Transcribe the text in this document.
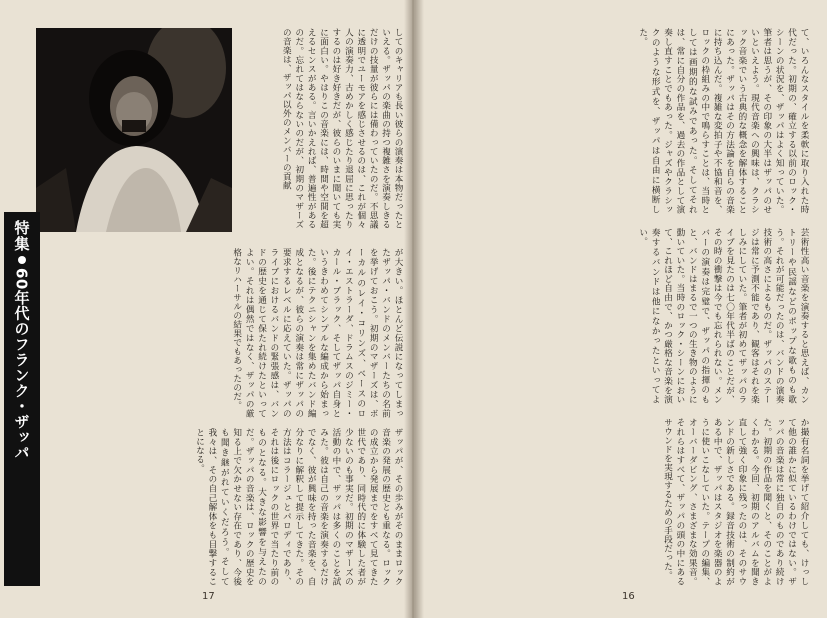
してのキャリアも長い彼らの演奏は本物だったといえる。ザッパの楽曲の持つ複雑さを演奏しきるだけの技量が彼らには備わっていたのだ。不思議に透明でユーモアを感じさせるのは、これが個々人の演奏力、古めかしく感じたり退屈に思ったりするのは好き好きだが、彼らのいまに聞いても実に面白い。やはりこの音楽には、時間や空間を超えるセンスがある。言いかえれば、普遍性があるのだ。忘れてはならないのだが、初期のマザーズの音楽は、ザッパ以外のメンバーの貢献
が大きい。ほとんど伝説になってしまったザッパ・バンドのメンバーたちの名前を挙げておこう。初期のマザーズは、ボーカルのレイ・コリンズ、ベースのロイ・エストラーダ、ドラムスのジミー・カール・ブラック、そしてザッパ自身というきわめてシンプルな編成から始まった。後にテクニシャンを集めたバンド編成となるが、彼らの演奏は常にザッパの要求するレベルに応えていた。ザッパのライブにおけるバンドの緊張感は、バンドの歴史を通じて保たれ続けたといってよい。それは偶然ではなく、ザッパの厳格なリハーサルの結果でもあったのだ。
ザッパが、その歩みがそのままロック音楽の発展の歴史とも重なる。ロックの成立から発展までをすべて見てきた世代であり、同時代的に体験した者が少ないのも事実だ。初期のマザーズの活動の中で、ザッパは多くのことを試みた。彼は自己の音楽を演奏するだけでなく、彼が興味を持った音楽を、自分なりに解釈して提示してきた。その方法はコラージュとパロディであり、それは後にロックの世界で当たり前のものとなる。大きな影響を与えたのだ。ザッパの音楽は、ロックの歴史を知る上で欠かせない存在であり、今後も聞き継がれていくだろう。そして我々は、その自己解体をも目撃することになる。
特集
60年代のフランク・ザッパ
17
て、いろんなスタイルを柔軟に取り入れた時代だった。初期の、確立する以前のロック・シーンの状況を、ザッパはよく知っていた。筆者は思うが、その印象の大半はザッパのせいといえよう。現代音楽への興味は、クラシック音楽でいう古典的な概念を解体することにあった。ザッパはその方法論を自らの音楽に持ち込んだ。複雑な変拍子や不協和音を、ロックの枠組みの中で鳴らすことは、当時としては画期的な試みであった。そしてそれは、常に自分の作品を、過去の作品として演奏し直すことでもあった。ジャズやクラシックのような形式を、ザッパは自由に横断した。
芸術性高い音楽を演奏すると思えば、カントリーや民謡などのポップな歌ものも歌う。それが可能だったのは、バンドの演奏技術の高さによるものだ。ザッパのステージは常に予測不能であり、観客はそれを楽しみにしていた。筆者が初めてザッパのライブを見たのは七〇年代半ばのことだが、その時の衝撃は今でも忘れられない。メンバーの演奏は完璧で、ザッパの指揮のもと、バンドはまるで一つの生き物のように動いていた。当時のロック・シーンにおいて、これほど自由で、かつ厳格な音楽を演奏するバンドは他になかったといってよい。
か撮有名詞を挙げて紹介しても、けっして他の誰かに似ているわけではない。ザッパの音楽は常に独自のものであり続けた。初期の作品を聞くと、そのことがよくわかる。今回、初期のアルバムを聞き直して強く印象に残ったのは、そのサウンドの新しさである。録音技術の制約がある中で、ザッパはスタジオを楽器のように使いこなしていた。テープの編集、オーバーダビング、さまざまな効果音。それらはすべて、ザッパの頭の中にあるサウンドを実現するための手段だった。
16
